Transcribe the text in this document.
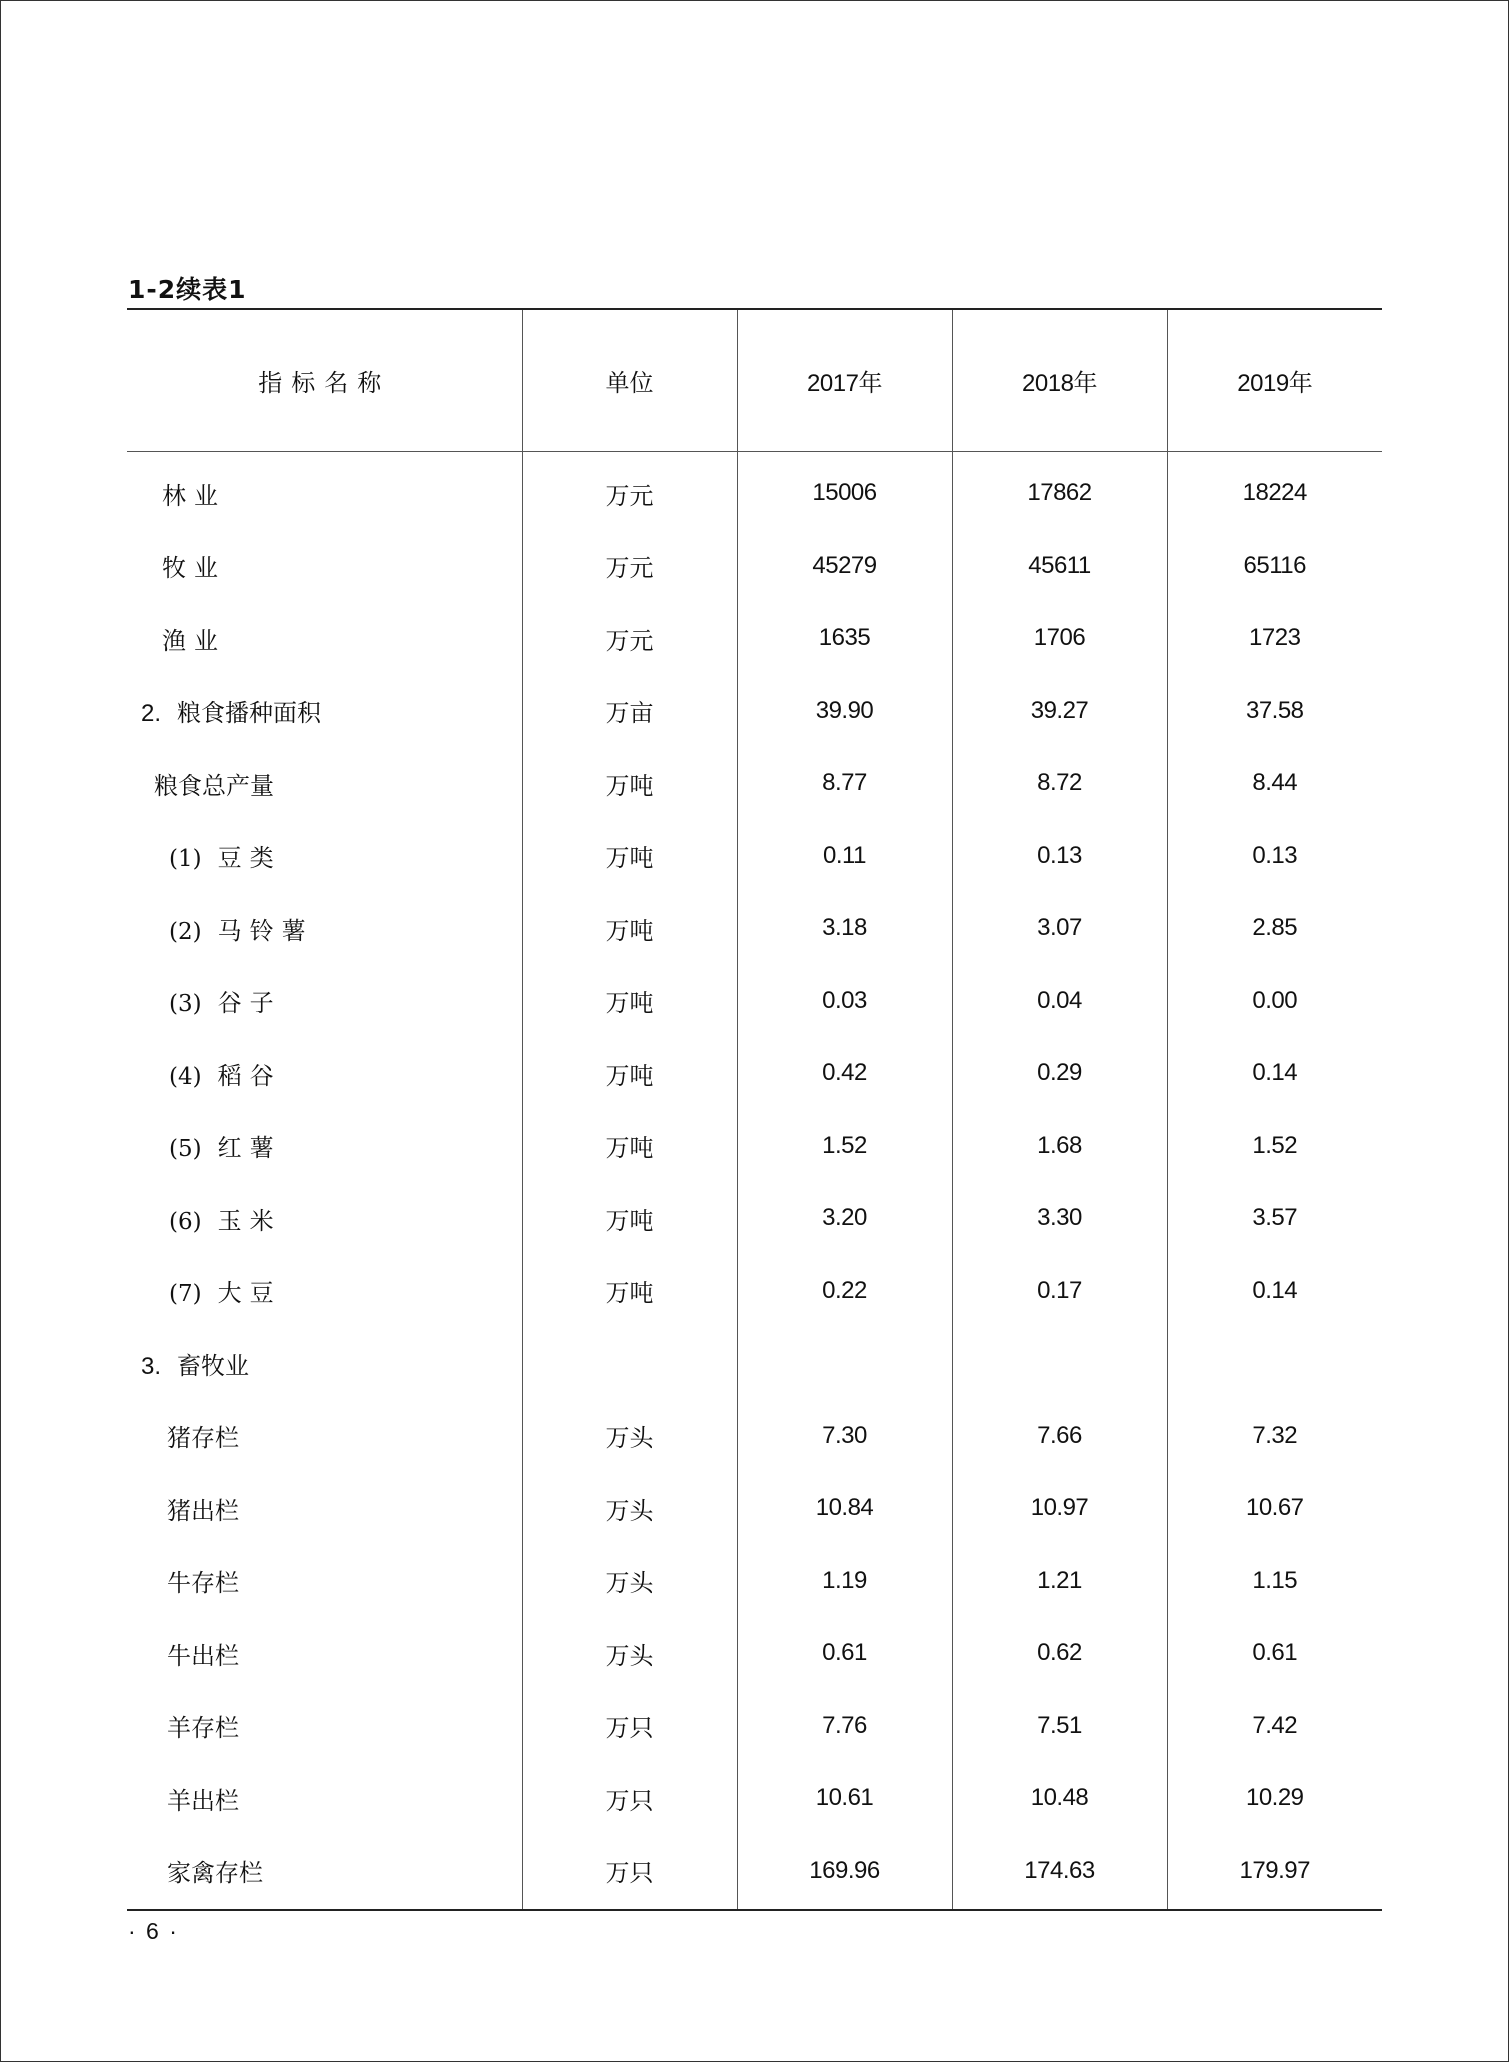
1-2续表1
指标名称	单位	2017年	2018年	2019年
林业	万元	15006	17862	18224
牧业	万元	45279	45611	65116
渔业	万元	1635	1706	1723
2. 粮食播种面积	万亩	39.90	39.27	37.58
粮食总产量	万吨	8.77	8.72	8.44
(1) 豆类	万吨	0.11	0.13	0.13
(2) 马铃薯	万吨	3.18	3.07	2.85
(3) 谷子	万吨	0.03	0.04	0.00
(4) 稻谷	万吨	0.42	0.29	0.14
(5) 红薯	万吨	1.52	1.68	1.52
(6) 玉米	万吨	3.20	3.30	3.57
(7) 大豆	万吨	0.22	0.17	0.14
3. 畜牧业				
猪存栏	万头	7.30	7.66	7.32
猪出栏	万头	10.84	10.97	10.67
牛存栏	万头	1.19	1.21	1.15
牛出栏	万头	0.61	0.62	0.61
羊存栏	万只	7.76	7.51	7.42
羊出栏	万只	10.61	10.48	10.29
家禽存栏	万只	169.96	174.63	179.97
· 6 ·
